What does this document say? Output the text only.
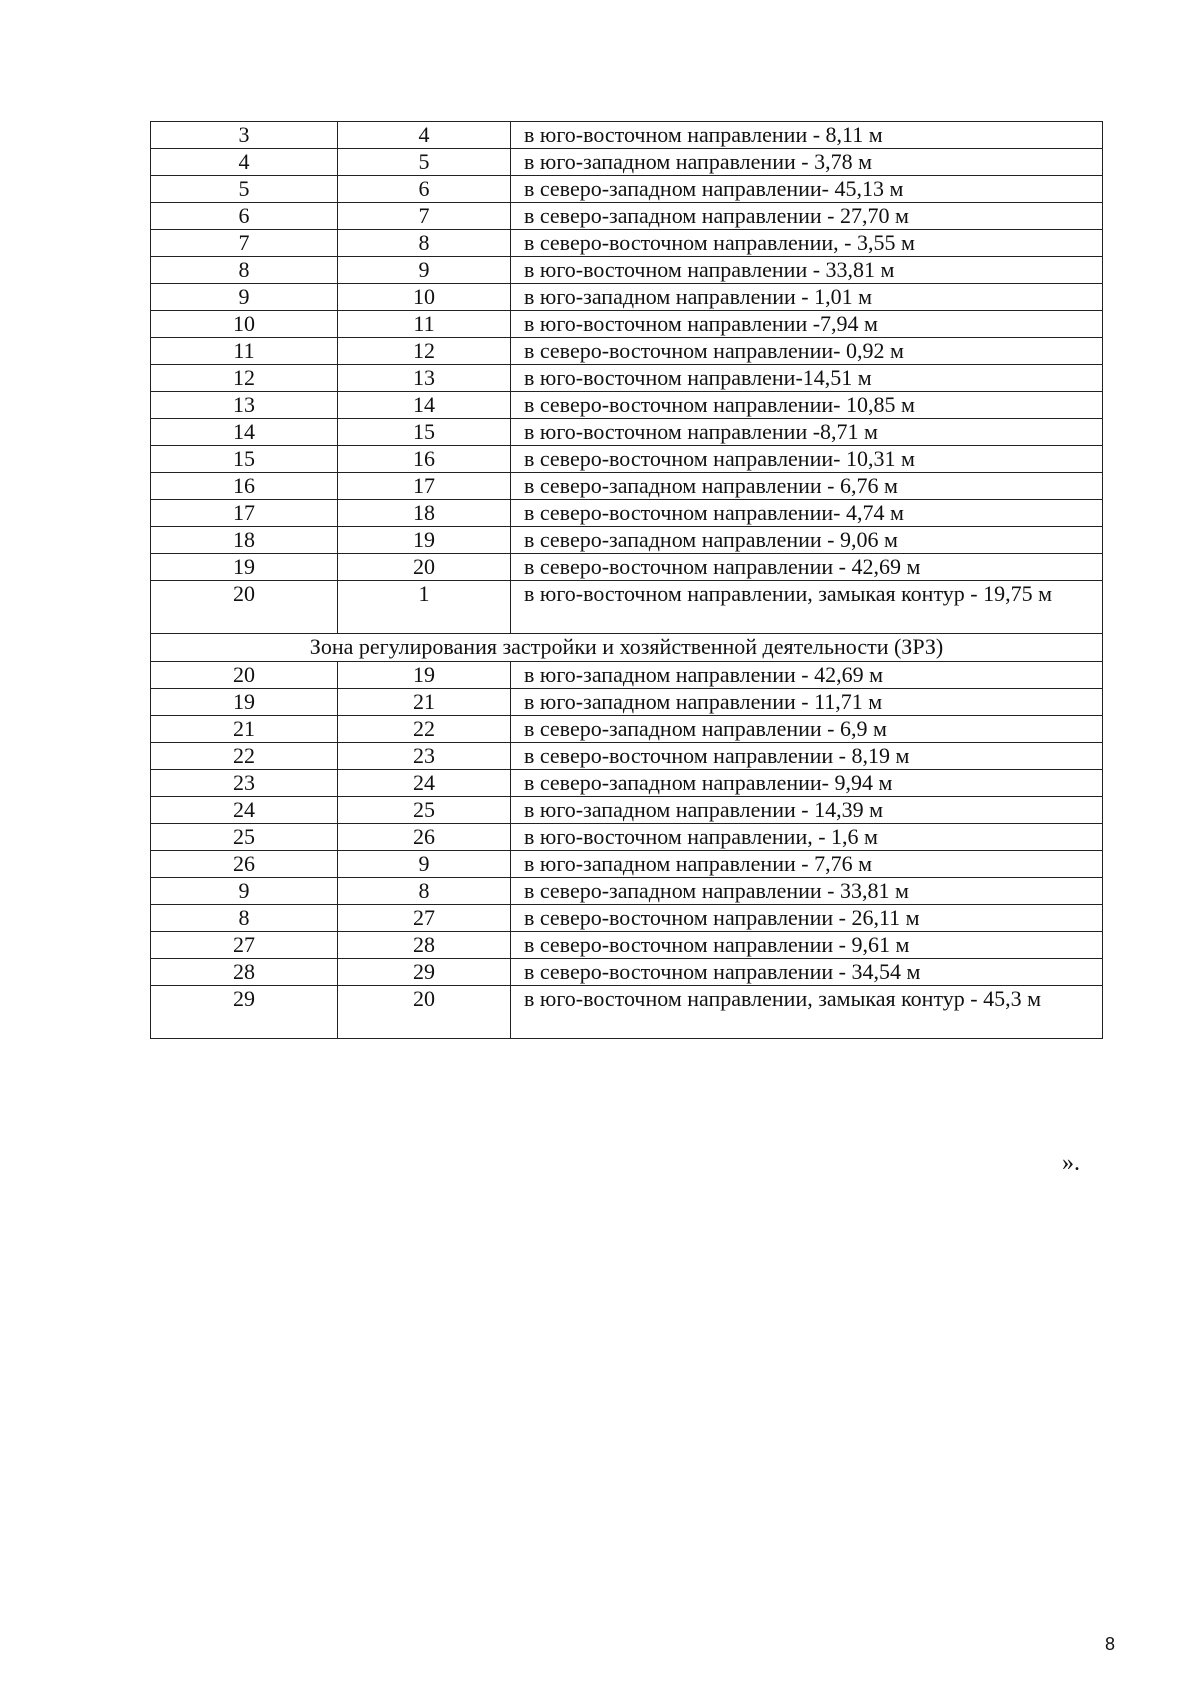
3	4	в юго-восточном направлении - 8,11 м
4	5	в юго-западном направлении - 3,78 м
5	6	в северо-западном направлении- 45,13 м
6	7	в северо-западном направлении - 27,70 м
7	8	в северо-восточном направлении, - 3,55 м
8	9	в юго-восточном направлении - 33,81 м
9	10	в юго-западном направлении - 1,01 м
10	11	в юго-восточном направлении -7,94 м
11	12	в северо-восточном направлении- 0,92 м
12	13	в юго-восточном направлени-14,51 м
13	14	в северо-восточном направлении- 10,85 м
14	15	в юго-восточном направлении -8,71 м
15	16	в северо-восточном направлении- 10,31 м
16	17	в северо-западном направлении - 6,76 м
17	18	в северо-восточном направлении- 4,74 м
18	19	в северо-западном направлении - 9,06 м
19	20	в северо-восточном направлении - 42,69 м
20	1	в юго-восточном направлении, замыкая контур - 19,75 м
Зона регулирования застройки и хозяйственной деятельности (ЗРЗ)		
20	19	в юго-западном направлении - 42,69 м
19	21	в юго-западном направлении - 11,71 м
21	22	в северо-западном направлении - 6,9 м
22	23	в северо-восточном направлении - 8,19 м
23	24	в северо-западном направлении- 9,94 м
24	25	в юго-западном направлении - 14,39 м
25	26	в юго-восточном направлении, - 1,6 м
26	9	в юго-западном направлении - 7,76 м
9	8	в северо-западном направлении - 33,81 м
8	27	в северо-восточном направлении - 26,11 м
27	28	в северо-восточном направлении - 9,61 м
28	29	в северо-восточном направлении - 34,54 м
29	20	в юго-восточном направлении, замыкая контур - 45,3 м
».
8
